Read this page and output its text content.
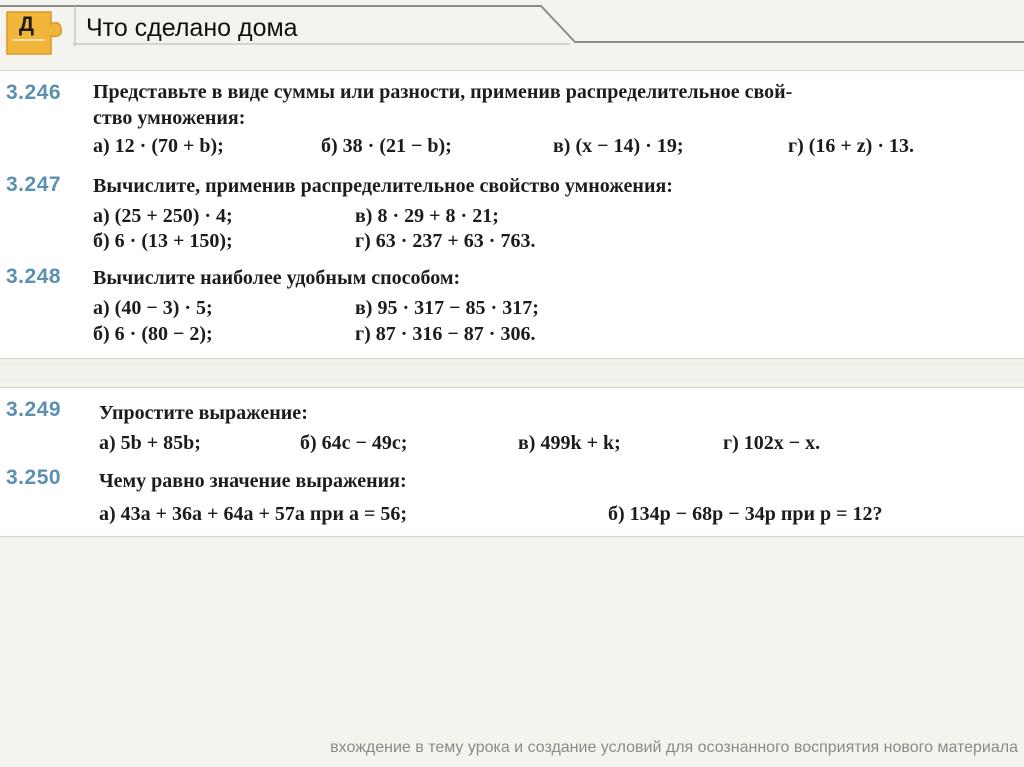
Д Что сделано дома
3.246 Представьте в виде суммы или разности, применив распределительное свой-
ство умножения:
а) 12 · (70 + b);	б) 38 · (21 − b);	в) (x − 14) · 19;	г) (16 + z) · 13.
3.247 Вычислите, применив распределительное свойство умножения:
а) (25 + 250) · 4;	в) 8 · 29 + 8 · 21;
б) 6 · (13 + 150);	г) 63 · 237 + 63 · 763.
3.248 Вычислите наиболее удобным способом:
а) (40 − 3) · 5;	в) 95 · 317 − 85 · 317;
б) 6 · (80 − 2);	г) 87 · 316 − 87 · 306.
3.249 Упростите выражение:
а) 5b + 85b;	б) 64c − 49c;	в) 499k + k;	г) 102x − x.
3.250 Чему равно значение выражения:
а) 43a + 36a + 64a + 57a при a = 56;	б) 134p − 68p − 34p при p = 12?
вхождение в тему урока и создание условий для осознанного восприятия нового материала
